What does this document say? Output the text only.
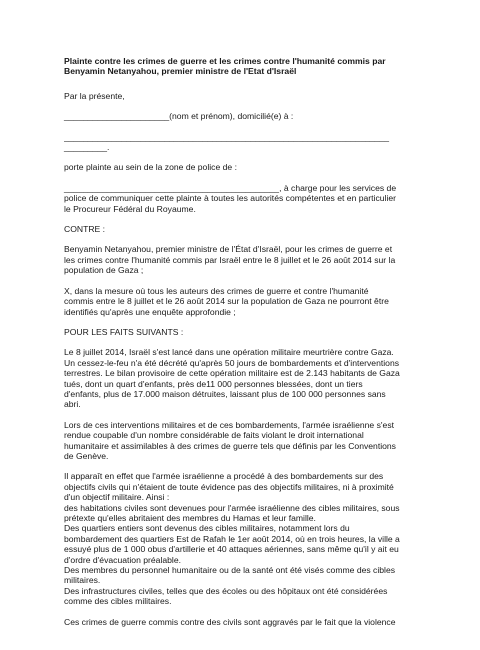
Plainte contre les crimes de guerre et les crimes contre l'humanité commis par
Benyamin Netanyahou, premier ministre de l'Etat d'Israël

Par la présente,

______________________(nom et prénom), domicilié(e) à :

____________________________________________________________________
_________.

porte plainte au sein de la zone de police de :

_____________________________________________, à charge pour les services de
police de communiquer cette plainte à toutes les autorités compétentes et en particulier
le Procureur Fédéral du Royaume.

CONTRE :

Benyamin Netanyahou, premier ministre de l'État d'Israël, pour les crimes de guerre et
les crimes contre l'humanité commis par Israël entre le 8 juillet et le 26 août 2014 sur la
population de Gaza ;

X, dans la mesure où tous les auteurs des crimes de guerre et contre l'humanité
commis entre le 8 juillet et le 26 août 2014 sur la population de Gaza ne pourront être
identifiés qu'après une enquête approfondie ;

POUR LES FAITS SUIVANTS :

Le 8 juillet 2014, Israël s'est lancé dans une opération militaire meurtrière contre Gaza.
Un cessez-le-feu n'a été décrété qu'après 50 jours de bombardements et d'interventions
terrestres. Le bilan provisoire de cette opération militaire est de 2.143 habitants de Gaza
tués, dont un quart d'enfants, près de11 000 personnes blessées, dont un tiers
d'enfants, plus de 17.000 maison détruites, laissant plus de 100 000 personnes sans
abri.

Lors de ces interventions militaires et de ces bombardements, l'armée israélienne s'est
rendue coupable d'un nombre considérable de faits violant le droit international
humanitaire et assimilables à des crimes de guerre tels que définis par les Conventions
de Genève.

Il apparaît en effet que l'armée israélienne a procédé à des bombardements sur des
objectifs civils qui n'étaient de toute évidence pas des objectifs militaires, ni à proximité
d'un objectif militaire. Ainsi :
des habitations civiles sont devenues pour l'armée israélienne des cibles militaires, sous
prétexte qu'elles abritaient des membres du Hamas et leur famille.
Des quartiers entiers sont devenus des cibles militaires, notamment lors du
bombardement des quartiers Est de Rafah le 1er août 2014, où en trois heures, la ville a
essuyé plus de 1 000 obus d'artillerie et 40 attaques aériennes, sans même qu'il y ait eu
d'ordre d'évacuation préalable.
Des membres du personnel humanitaire ou de la santé ont été visés comme des cibles
militaires.
Des infrastructures civiles, telles que des écoles ou des hôpitaux ont été considérées
comme des cibles militaires.

Ces crimes de guerre commis contre des civils sont aggravés par le fait que la violence
